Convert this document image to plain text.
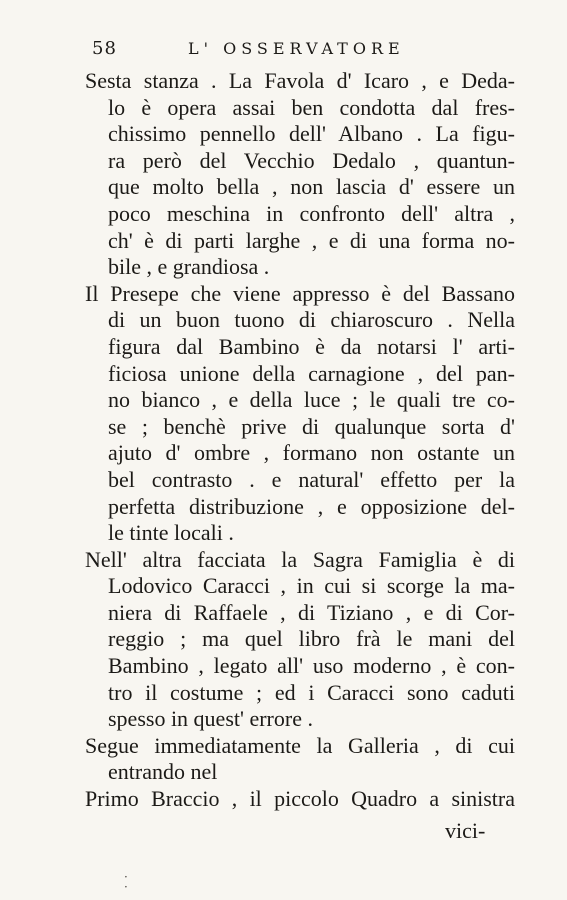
58	L' OSSERVATORE

Sesta stanza . La Favola d' Icaro , e Deda-
lo è opera assai ben condotta dal fres-
chissimo pennello dell' Albano . La figu-
ra però del Vecchio Dedalo , quantun-
que molto bella , non lascia d' essere un
poco meschina in confronto dell' altra ,
ch' è di parti larghe , e di una forma no-
bile , e grandiosa .

Il Presepe che viene appresso è del Bassano
di un buon tuono di chiaroscuro . Nella
figura dal Bambino è da notarsi l' arti-
ficiosa unione della carnagione , del pan-
no bianco , e della luce ; le quali tre co-
se ; benchè prive di qualunque sorta d'
ajuto d' ombre , formano non ostante un
bel contrasto . e natural' effetto per la
perfetta distribuzione , e opposizione del-
le tinte locali .

Nell' altra facciata la Sagra Famiglia è di
Lodovico Caracci , in cui si scorge la ma-
niera di Raffaele , di Tiziano , e di Cor-
reggio ; ma quel libro frà le mani del
Bambino , legato all' uso moderno , è con-
tro il costume ; ed i Caracci sono caduti
spesso in quest' errore .

Segue immediatamente la Galleria , di cui
entrando nel

Primo Braccio , il piccolo Quadro a sinistra

vici-
·
·
